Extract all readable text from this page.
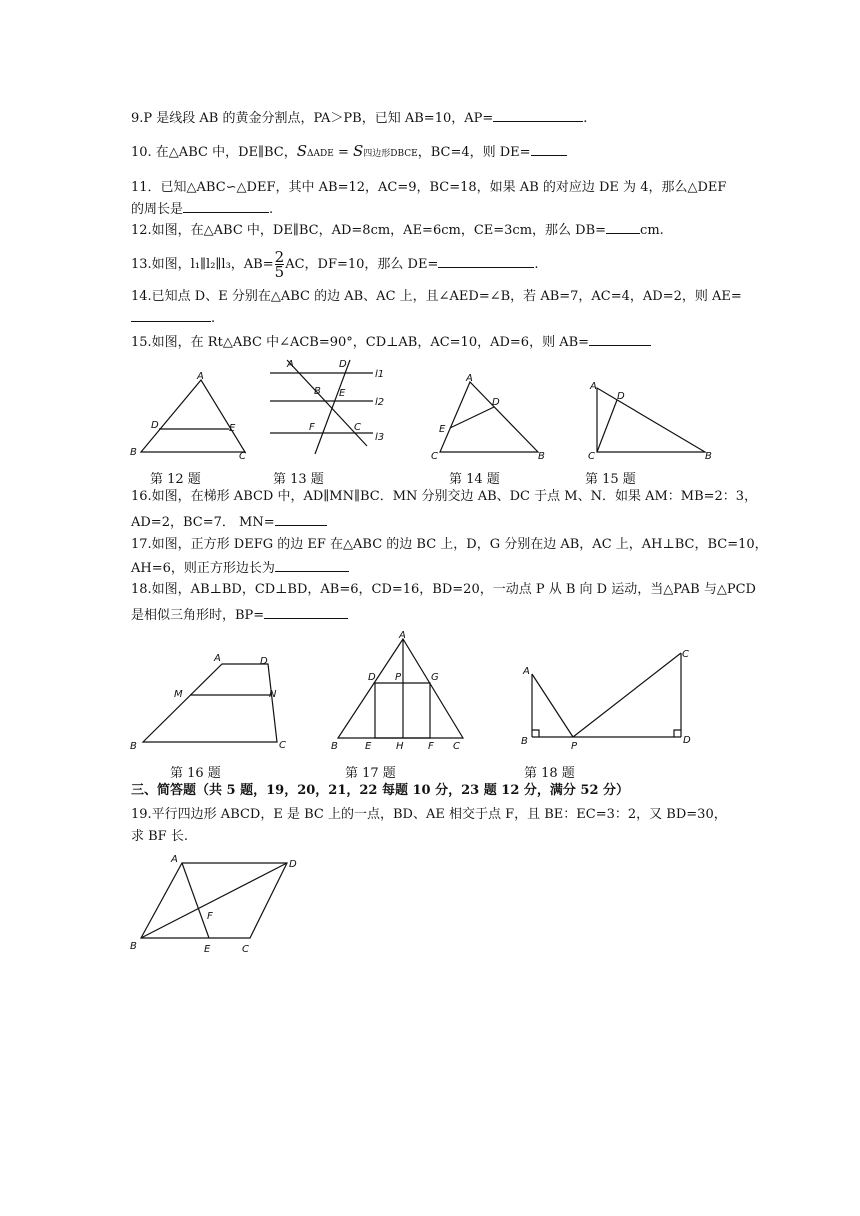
9.P 是线段 AB 的黄金分割点，PA＞PB，已知 AB=10，AP=	.
10. 在△ABC 中，DE∥BC，SΔADE = S四边形DBCE，BC=4，则 DE=
11．已知△ABC∽△DEF，其中 AB=12，AC=9，BC=18，如果 AB 的对应边 DE 为 4，那么△DEF
的周长是	.
12.如图，在△ABC 中，DE∥BC，AD=8cm，AE=6cm，CE=3cm，那么 DB=	cm.
13.如图，l₁∥l₂∥l₃，$AB= \frac{2}{5}$ AC，DF=10，那么 DE=	.
14.已知点 D、E 分别在△ABC 的边 AB、AC 上，且∠AED=∠B，若 AB=7，AC=4，AD=2，则 AE=
.
15.如图，在 Rt△ABC 中∠ACB=90°，CD⊥AB，AC=10，AD=6，则 AB=
A
D	E
B	C
A	D
l1
B E
l2
F	C
l3
A
D
E
C	B
A
D
C	B
第 12 题	第 13 题	第 14 题	第 15 题
16.如图，在梯形 ABCD 中，AD∥MN∥BC．MN 分别交边 AB、DC 于点 M、N．如果 AM：MB=2：3，
AD=2，BC=7． MN=
17.如图，正方形 DEFG 的边 EF 在△ABC 的边 BC 上，D，G 分别在边 AB，AC 上，AH⊥BC，BC=10，
AH=6，则正方形边长为
18.如图，AB⊥BD，CD⊥BD，AB=6，CD=16，BD=20，一动点 P 从 B 向 D 运动，当△PAB 与△PCD
是相似三角形时，BP=
A	D
M	N
B	C
A
D P	G
B	E H F C
A
C
B	P
D
第 16 题	第 17 题	第 18 题
三、简答题（共 5 题，19，20，21，22 每题 10 分，23 题 12 分，满分 52 分）
19.平行四边形 ABCD，E 是 BC 上的一点，BD、AE 相交于点 F，且 BE：EC=3：2，又 BD=30，
求 BF 长.
A	D
F
B	E	C
